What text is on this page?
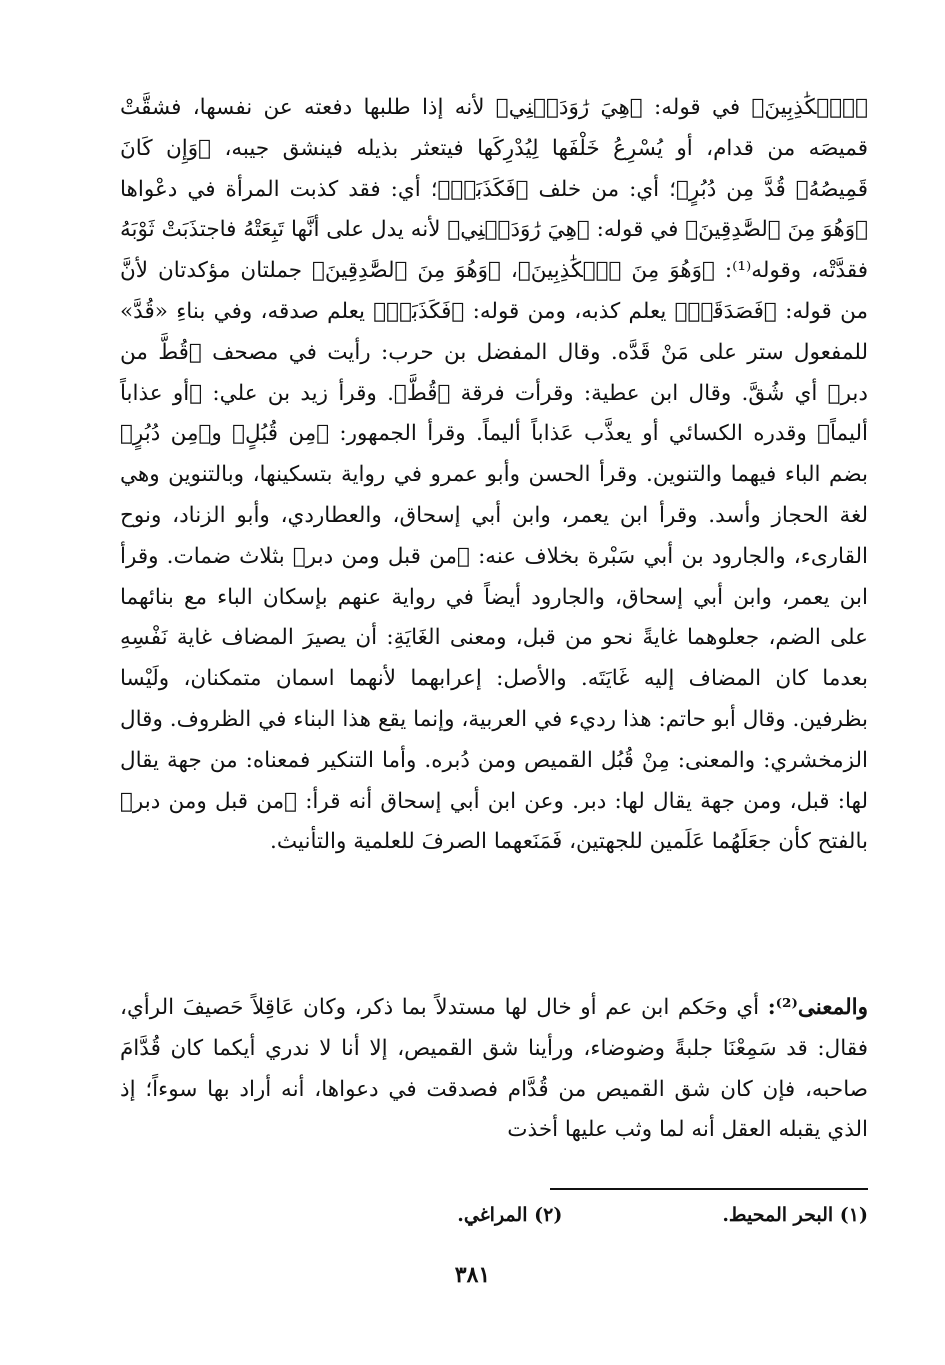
﴿ٱلۡكَٰذِبِينَ﴾ في قوله: ﴿هِيَ رَٰوَدَتۡنِي﴾ لأنه إذا طلبها دفعته عن نفسها، فشقَّتْ قميصَه من قدام، أو يُسْرِعُ خَلْفَها لِيُدْرِكَها فيتعثر بذيله فينشق جيبه، ﴿وَإِن كَانَ قَمِيصُهُۥ قُدَّ مِن دُبُرٍ﴾؛ أي: من خلف ﴿فَكَذَبَتۡ﴾؛ أي: فقد كذبت المرأة في دعْواها ﴿وَهُوَ مِنَ ٱلصَّٰدِقِينَ﴾ في قوله: ﴿هِيَ رَٰوَدَتۡنِي﴾ لأنه يدل على أنَّها تَبِعَتْهُ فاجتذَبَتْ ثَوْبَهُ فقدَّتْه، وقوله⁽¹⁾: ﴿وَهُوَ مِنَ ٱلۡكَٰذِبِينَ﴾، ﴿وَهُوَ مِنَ ٱلصَّٰدِقِينَ﴾ جملتان مؤكدتان لأنَّ من قوله: ﴿فَصَدَقَتۡ﴾ يعلم كذبه، ومن قوله: ﴿فَكَذَبَتۡ﴾ يعلم صدقه، وفي بناءِ «قُدَّ» للمفعول ستر على مَنْ قَدَّه. وقال المفضل بن حرب: رأيت في مصحف ﴿قُطَّ من دبر﴾ أي شُقَّ. وقال ابن عطية: وقرأت فرقة ﴿قُطَّ﴾. وقرأ زيد بن علي: ﴿أو عذاباً أليماً﴾ وقدره الكسائي أو يعذَّب عَذاباً أليماً. وقرأ الجمهور: ﴿مِن قُبُلٍ﴾ و﴿مِن دُبُرٍ﴾ بضم الباء فيهما والتنوين. وقرأ الحسن وأبو عمرو في رواية بتسكينها، وبالتنوين وهي لغة الحجاز وأسد. وقرأ ابن يعمر، وابن أبي إسحاق، والعطاردي، وأبو الزناد، ونوح القارىء، والجارود بن أبي سَبْرة بخلاف عنه: ﴿من قبل ومن دبر﴾ بثلاث ضمات. وقرأ ابن يعمر، وابن أبي إسحاق، والجارود أيضاً في رواية عنهم بإسكان الباء مع بنائهما على الضم، جعلوهما غايةً نحو من قبل، ومعنى الغَايَةِ: أن يصيرَ المضاف غاية نَفْسِهِ بعدما كان المضاف إليه غَايَتَه. والأصل: إعرابهما لأنهما اسمان متمكنان، ولَيْسا بظرفين. وقال أبو حاتم: هذا رديء في العربية، وإنما يقع هذا البناء في الظروف. وقال الزمخشري: والمعنى: مِنْ قُبُل القميص ومن دُبره. وأما التنكير فمعناه: من جهة يقال لها: قبل، ومن جهة يقال لها: دبر. وعن ابن أبي إسحاق أنه قرأ: ﴿من قبل ومن دبر﴾ بالفتح كأن جعَلَهُما عَلَمين للجهتين، فَمَنَعهما الصرفَ للعلمية والتأنيث.

والمعنى⁽²⁾: أي وحَكم ابن عم أو خال لها مستدلاً بما ذكر، وكان عَاقِلاً حَصيفَ الرأي، فقال: قد سَمِعْنَا جلبةً وضوضاء، ورأينا شق القميص، إلا أنا لا ندري أيكما كان قُدَّامَ صاحبه، فإن كان شق القميص من قُدَّام فصدقت في دعواها، أنه أراد بها سوءاً؛ إذ الذي يقبله العقل أنه لما وثب عليها أخذت

(١) البحر المحيط.
(٢) المراغي.
٣٨١
